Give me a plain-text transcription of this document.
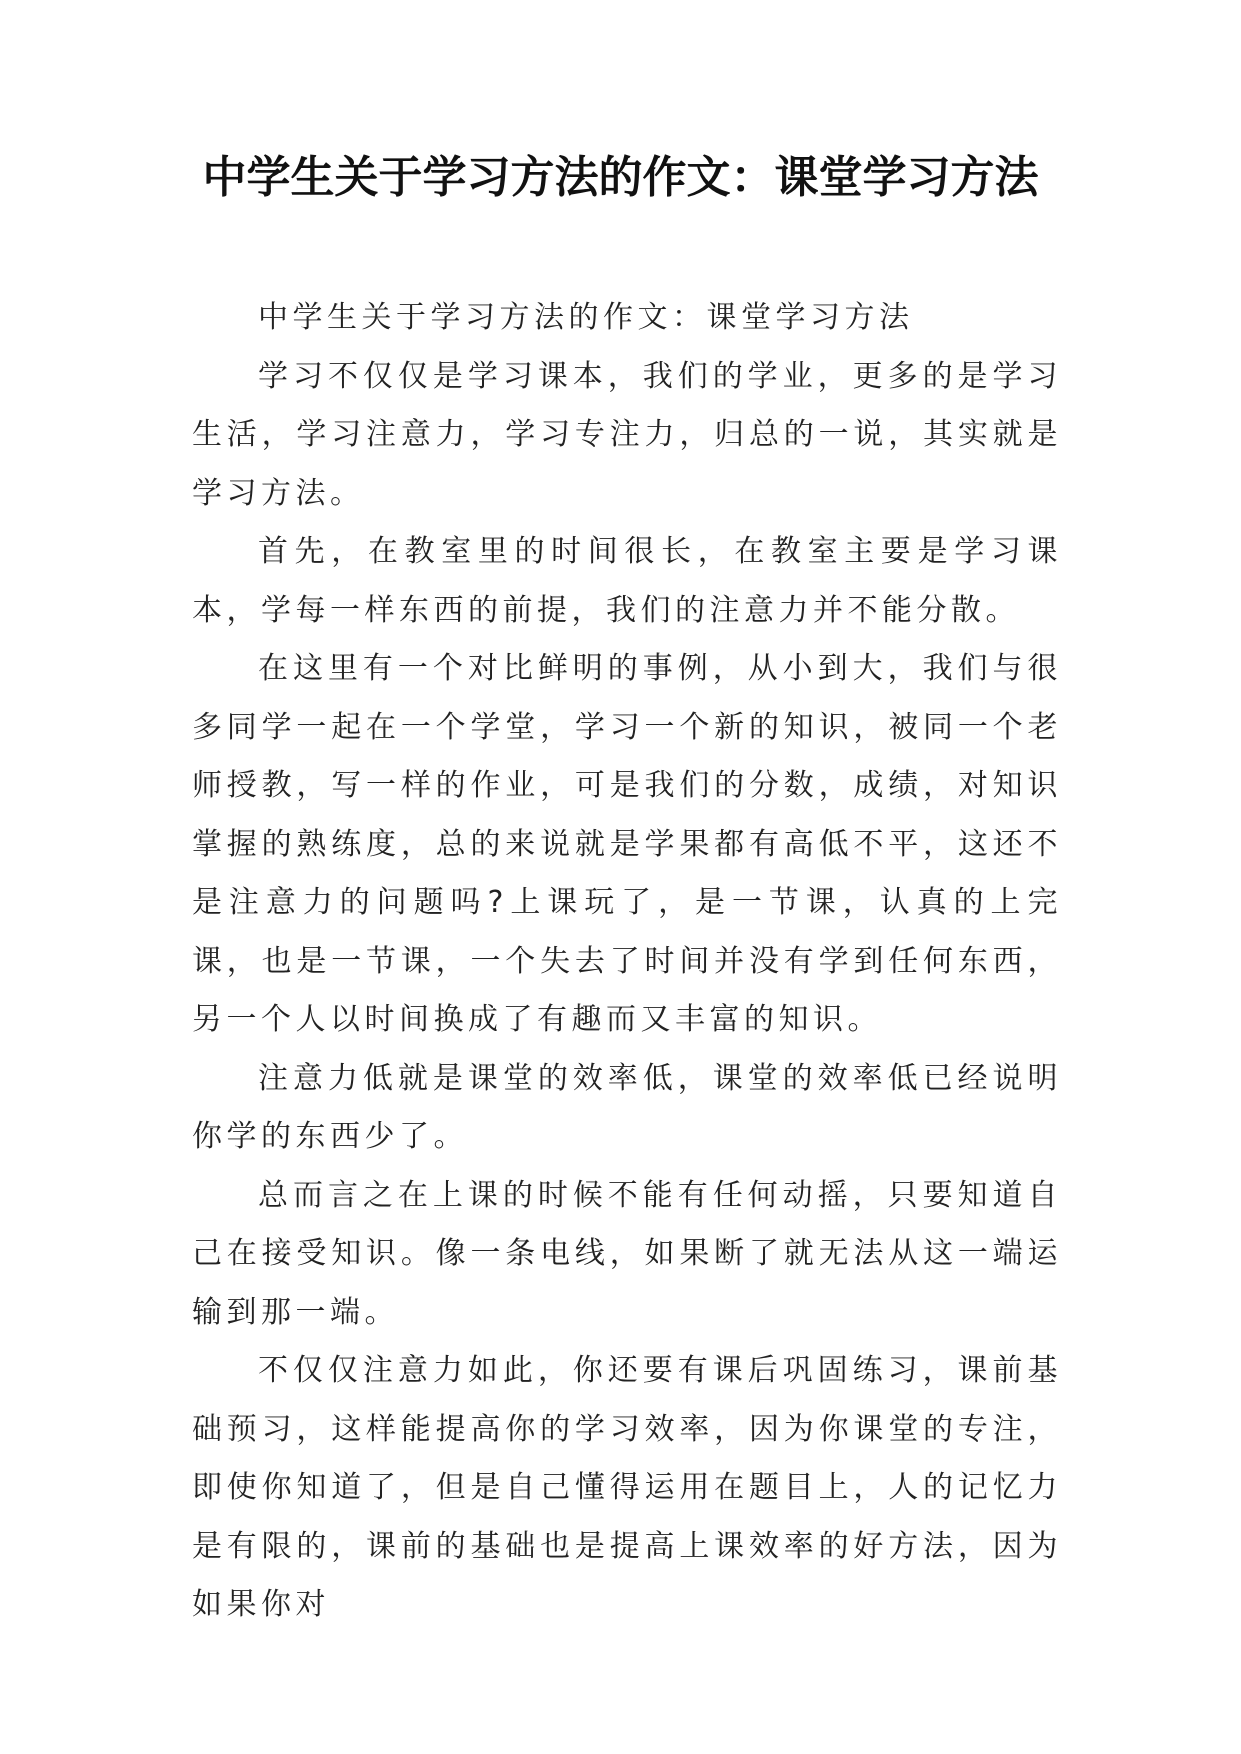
中学生关于学习方法的作文：课堂学习方法

中学生关于学习方法的作文：课堂学习方法

学习不仅仅是学习课本，我们的学业，更多的是学习生活，学习注意力，学习专注力，归总的一说，其实就是学习方法。

首先，在教室里的时间很长，在教室主要是学习课本，学每一样东西的前提，我们的注意力并不能分散。

在这里有一个对比鲜明的事例，从小到大，我们与很多同学一起在一个学堂，学习一个新的知识，被同一个老师授教，写一样的作业，可是我们的分数，成绩，对知识掌握的熟练度，总的来说就是学果都有高低不平，这还不是注意力的问题吗?上课玩了，是一节课，认真的上完课，也是一节课，一个失去了时间并没有学到任何东西，另一个人以时间换成了有趣而又丰富的知识。

注意力低就是课堂的效率低，课堂的效率低已经说明你学的东西少了。

总而言之在上课的时候不能有任何动摇，只要知道自己在接受知识。像一条电线，如果断了就无法从这一端运输到那一端。

不仅仅注意力如此，你还要有课后巩固练习，课前基础预习，这样能提高你的学习效率，因为你课堂的专注，即使你知道了，但是自己懂得运用在题目上，人的记忆力是有限的，课前的基础也是提高上课效率的好方法，因为如果你对
